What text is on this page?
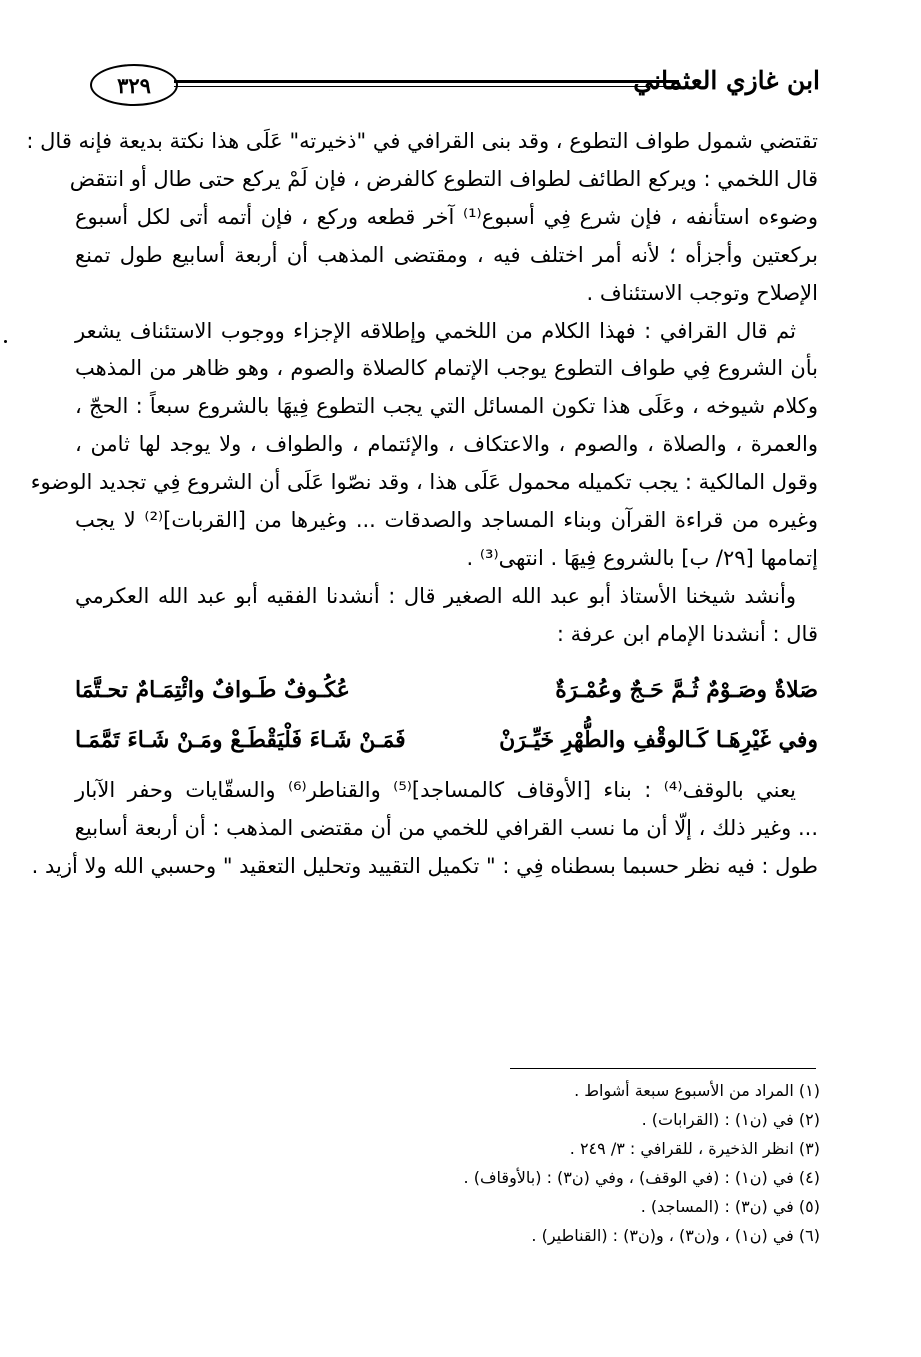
٣٢٩	ابن غازي العثماني

تقتضي شمول طواف التطوع ، وقد بنى القرافي في "ذخيرته" عَلَى هذا نكتة بديعة فإنه قال :
قال اللخمي : ويركع الطائف لطواف التطوع كالفرض ، فإن لَمْ يركع حتى طال أو انتقض
وضوءه استأنفه ، فإن شرع فِي أسبوع⁽¹⁾ آخر قطعه وركع ، فإن أتمه أتى لكل أسبوع
بركعتين وأجزأه ؛ لأنه أمر اختلف فيه ، ومقتضى المذهب أن أربعة أسابيع طول تمنع
الإصلاح وتوجب الاستئناف .

ثم قال القرافي : فهذا الكلام من اللخمي وإطلاقه الإجزاء ووجوب الاستئناف يشعر
بأن الشروع فِي طواف التطوع يوجب الإتمام كالصلاة والصوم ، وهو ظاهر من المذهب
وكلام شيوخه ، وعَلَى هذا تكون المسائل التي يجب التطوع فِيهَا بالشروع سبعاً : الحجّ ،
والعمرة ، والصلاة ، والصوم ، والاعتكاف ، والإئتمام ، والطواف ، ولا يوجد لها ثامن ،
وقول المالكية : يجب تكميله محمول عَلَى هذا ، وقد نصّوا عَلَى أن الشروع فِي تجديد الوضوء
وغيره من قراءة القرآن وبناء المساجد والصدقات ... وغيرها من [القربات]⁽²⁾ لا يجب
إتمامها [٢٩/ ب] بالشروع فِيهَا . انتهى⁽³⁾ .

وأنشد شيخنا الأستاذ أبو عبد الله الصغير قال : أنشدنا الفقيه أبو عبد الله العكرمي
قال : أنشدنا الإمام ابن عرفة :

صَلاةٌ وصَـوْمٌ ثُـمَّ حَـجٌ وعُمْـرَةٌ
عُكُـوفٌ طَـوافٌ وائْتِمَـامٌ تحـتَّمَا
وفي غَيْرِهَـا كَـالوقْفِ والطُّهْرِ خَيِّـرَنْ
فَمَـنْ شَـاءَ فَلْيَقْطَـعْ ومَـنْ شَـاءَ تَمَّمَـا

يعني بالوقف⁽⁴⁾ : بناء [الأوقاف كالمساجد]⁽⁵⁾ والقناطر⁽⁶⁾ والسقّايات وحفر الآبار
... وغير ذلك ، إلّا أن ما نسب القرافي للخمي من أن مقتضى المذهب : أن أربعة أسابيع
طول : فيه نظر حسبما بسطناه فِي : " تكميل التقييد وتحليل التعقيد " وحسبي الله ولا أزيد .

(١) المراد من الأسبوع سبعة أشواط .
(٢) في (ن١) : (القرابات) .
(٣) انظر الذخيرة ، للقرافي : ٣/ ٢٤٩ .
(٤) في (ن١) : (في الوقف) ، وفي (ن٣) : (بالأوقاف) .
(٥) في (ن٣) : (المساجد) .
(٦) في (ن١) ، و(ن٣) ، و(ن٣) : (القناطير) .
